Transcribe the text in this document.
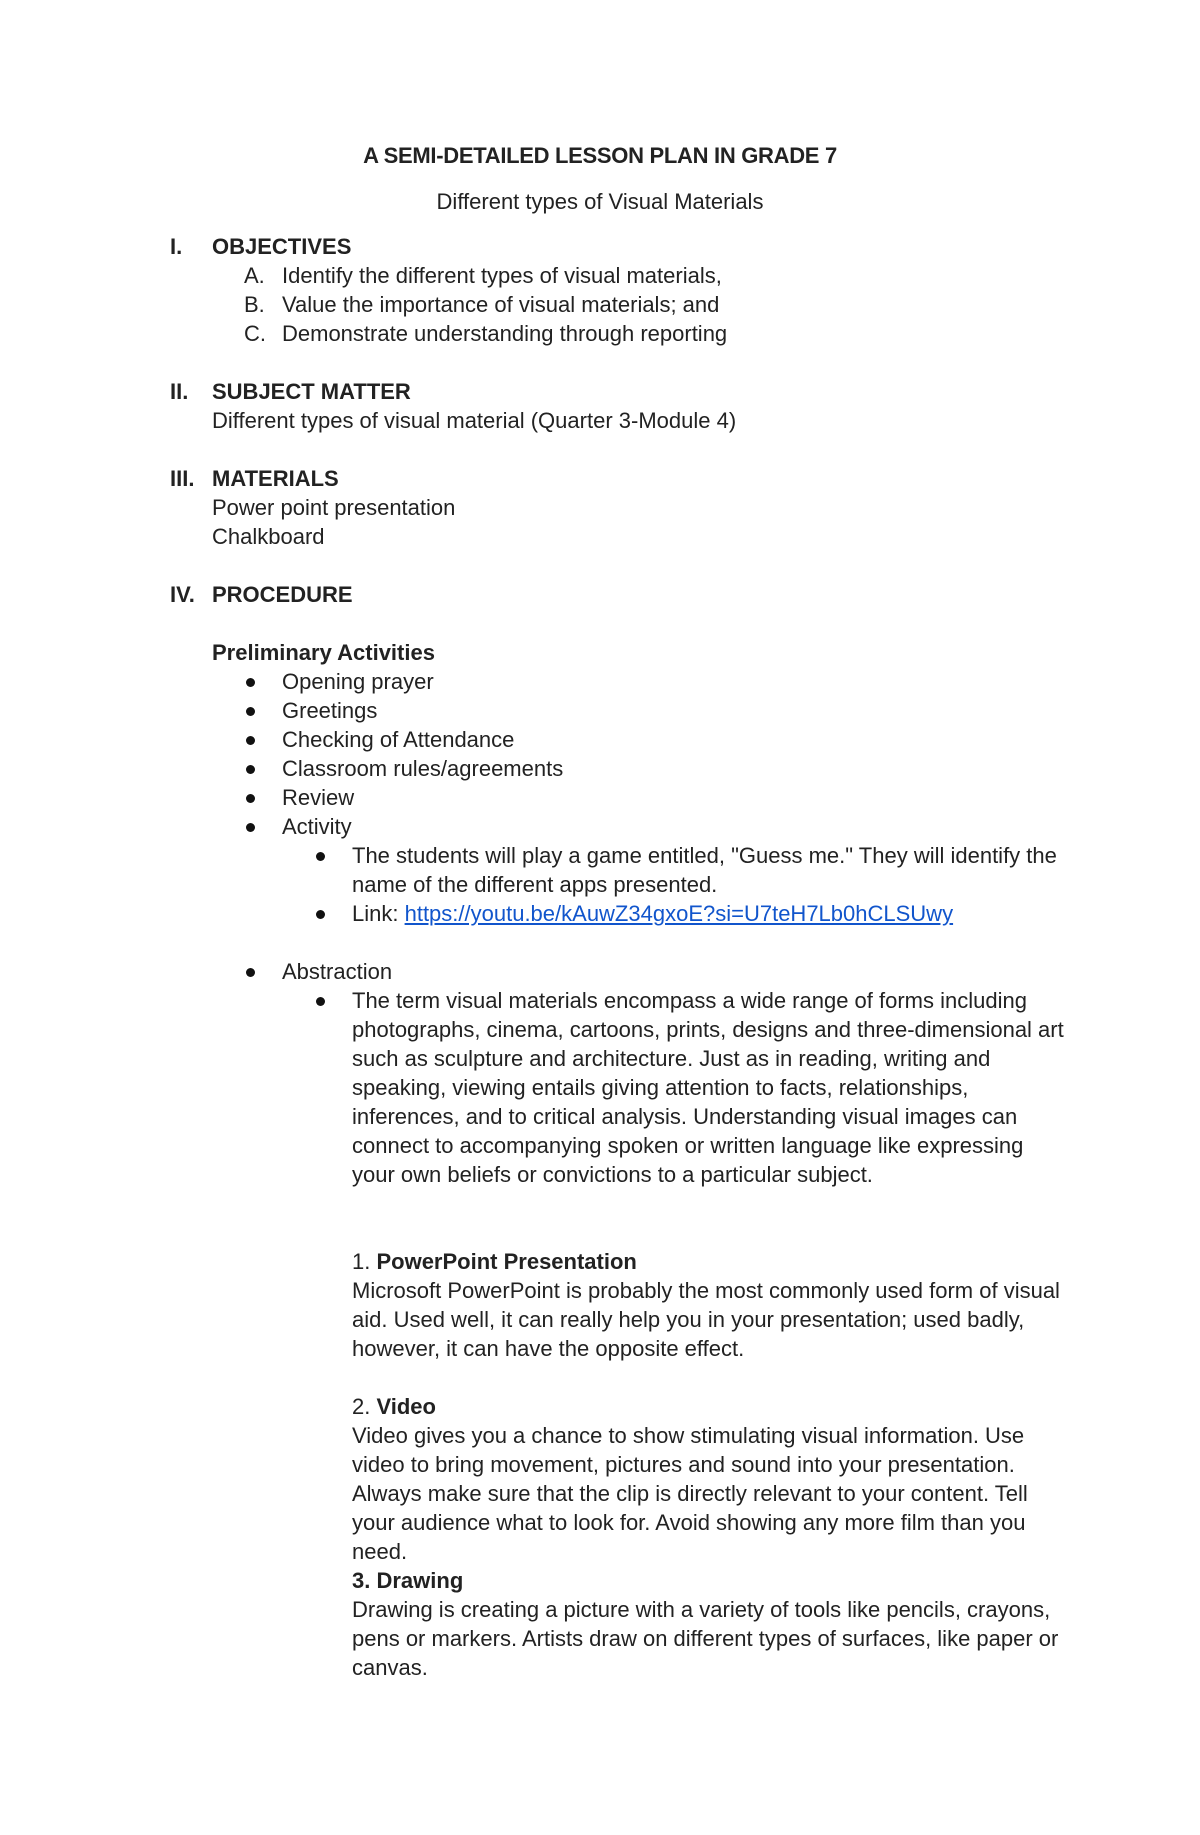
A SEMI-DETAILED LESSON PLAN IN GRADE 7
Different types of Visual Materials
I.	OBJECTIVES
A. Identify the different types of visual materials,
B. Value the importance of visual materials; and
C. Demonstrate understanding through reporting
II.	SUBJECT MATTER
Different types of visual material (Quarter 3-Module 4)
III. MATERIALS
Power point presentation
Chalkboard
IV. PROCEDURE
Preliminary Activities
Opening prayer
Greetings
Checking of Attendance
Classroom rules/agreements
Review
Activity
The students will play a game entitled, "Guess me." They will identify the name of the different apps presented.
Link: https://youtu.be/kAuwZ34gxoE?si=U7teH7Lb0hCLSUwy
Abstraction
The term visual materials encompass a wide range of forms including photographs, cinema, cartoons, prints, designs and three-dimensional art such as sculpture and architecture. Just as in reading, writing and speaking, viewing entails giving attention to facts, relationships, inferences, and to critical analysis. Understanding visual images can connect to accompanying spoken or written language like expressing your own beliefs or convictions to a particular subject.
1. PowerPoint Presentation
Microsoft PowerPoint is probably the most commonly used form of visual aid. Used well, it can really help you in your presentation; used badly, however, it can have the opposite effect.
2. Video
Video gives you a chance to show stimulating visual information. Use video to bring movement, pictures and sound into your presentation. Always make sure that the clip is directly relevant to your content. Tell your audience what to look for. Avoid showing any more film than you need.
3. Drawing
Drawing is creating a picture with a variety of tools like pencils, crayons, pens or markers. Artists draw on different types of surfaces, like paper or canvas.
